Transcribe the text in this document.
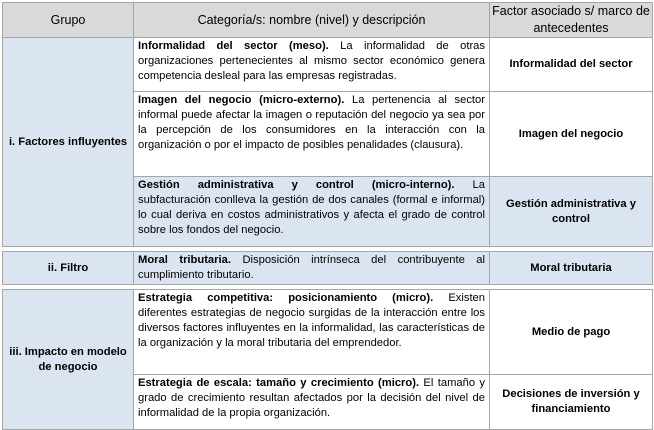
Grupo	Categoría/s: nombre (nivel) y descripción	Factor asociado s/ marco de antecedentes
i. Factores influyentes	Informalidad del sector (meso). La informalidad de otras organizaciones pertenecientes al mismo sector económico genera competencia desleal para las empresas registradas.	Informalidad del sector
	Imagen del negocio (micro-externo). La pertenencia al sector informal puede afectar la imagen o reputación del negocio ya sea por la percepción de los consumidores en la interacción con la organización o por el impacto de posibles penalidades (clausura).	Imagen del negocio
	Gestión administrativa y control (micro-interno). La subfacturación conlleva la gestión de dos canales (formal e informal) lo cual deriva en costos administrativos y afecta el grado de control sobre los fondos del negocio.	Gestión administrativa y control

ii. Filtro	Moral tributaria. Disposición intrínseca del contribuyente al cumplimiento tributario.	Moral tributaria

iii. Impacto en modelo de negocio	Estrategia competitiva: posicionamiento (micro). Existen diferentes estrategias de negocio surgidas de la interacción entre los diversos factores influyentes en la informalidad, las características de la organización y la moral tributaria del emprendedor.	Medio de pago
	Estrategia de escala: tamaño y crecimiento (micro). El tamaño y grado de crecimiento resultan afectados por la decisión del nivel de informalidad de la propia organización.	Decisiones de inversión y financiamiento
